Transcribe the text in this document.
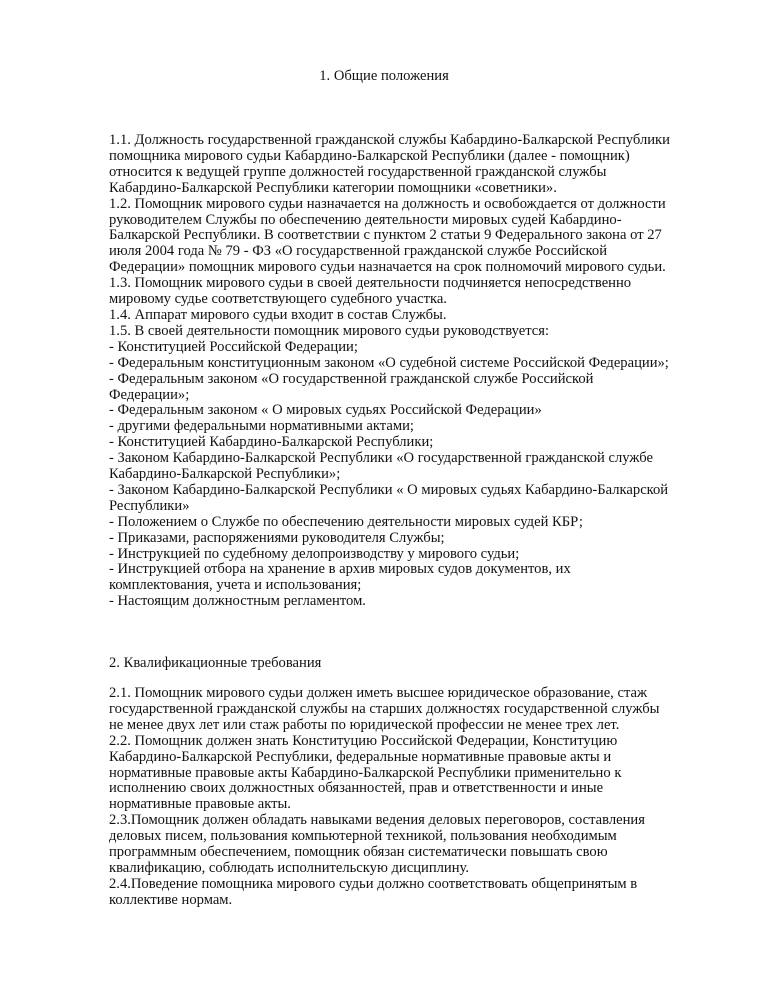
1. Общие положения
1.1. Должность государственной гражданской службы Кабардино-Балкарской Республики
помощника мирового судьи Кабардино-Балкарской Республики (далее - помощник)
относится к ведущей группе должностей государственной гражданской службы
Кабардино-Балкарской Республики категории помощники «советники».
1.2. Помощник мирового судьи назначается на должность и освобождается от должности
руководителем Службы по обеспечению деятельности мировых судей Кабардино-
Балкарской Республики. В соответствии с пунктом 2 статьи 9 Федерального закона от 27
июля 2004 года № 79 - ФЗ «О государственной гражданской службе Российской
Федерации» помощник мирового судьи назначается на срок полномочий мирового судьи.
1.3. Помощник мирового судьи в своей деятельности подчиняется непосредственно
мировому судье соответствующего судебного участка.
1.4. Аппарат мирового судьи входит в состав Службы.
1.5. В своей деятельности помощник мирового судьи руководствуется:
- Конституцией Российской Федерации;
- Федеральным конституционным законом «О судебной системе Российской Федерации»;
- Федеральным законом «О государственной гражданской службе Российской
Федерации»;
- Федеральным законом « О мировых судьях Российской Федерации»
- другими федеральными нормативными актами;
- Конституцией Кабардино-Балкарской Республики;
- Законом Кабардино-Балкарской Республики «О государственной гражданской службе
Кабардино-Балкарской Республики»;
- Законом Кабардино-Балкарской Республики « О мировых судьях Кабардино-Балкарской
Республики»
- Положением о Службе по обеспечению деятельности мировых судей КБР;
- Приказами, распоряжениями руководителя Службы;
- Инструкцией по судебному делопроизводству у мирового судьи;
- Инструкцией отбора на хранение в архив мировых судов документов, их
комплектования, учета и использования;
- Настоящим должностным регламентом.
2. Квалификационные требования
2.1. Помощник мирового судьи должен иметь высшее юридическое образование, стаж
государственной гражданской службы на старших должностях государственной службы
не менее двух лет или стаж работы по юридической профессии не менее трех лет.
2.2. Помощник должен знать Конституцию Российской Федерации, Конституцию
Кабардино-Балкарской Республики, федеральные нормативные правовые акты и
нормативные правовые акты Кабардино-Балкарской Республики применительно к
исполнению своих должностных обязанностей, прав и ответственности и иные
нормативные правовые акты.
2.3.Помощник должен обладать навыками ведения деловых переговоров, составления
деловых писем, пользования компьютерной техникой, пользования необходимым
программным обеспечением, помощник обязан систематически повышать свою
квалификацию, соблюдать исполнительскую дисциплину.
2.4.Поведение помощника мирового судьи должно соответствовать общепринятым в
коллективе нормам.
